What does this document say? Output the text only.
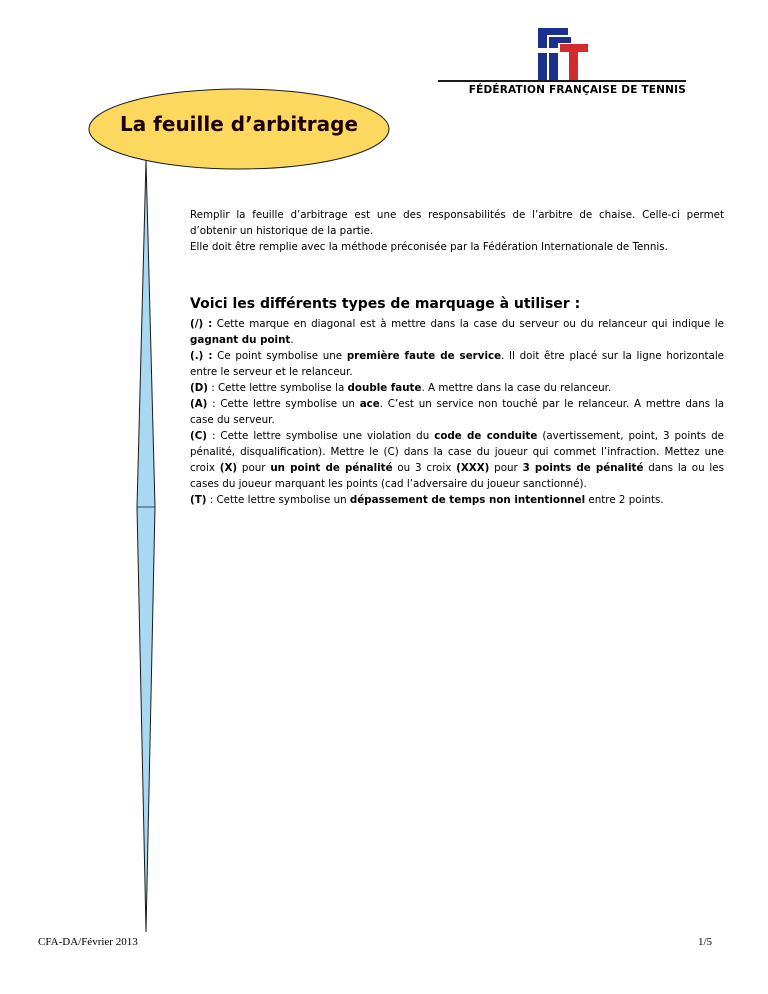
FÉDÉRATION FRANÇAISE DE TENNIS
La feuille d’arbitrage

Remplir la feuille d’arbitrage est une des responsabilités de l’arbitre de chaise. Celle-ci permet d’obtenir un historique de la partie.

Elle doit être remplie avec la méthode préconisée par la Fédération Internationale de Tennis.

Voici les différents types de marquage à utiliser :

(/) : Cette marque en diagonal est à mettre dans la case du serveur ou du relanceur qui indique le gagnant du point.

(.) : Ce point symbolise une première faute de service. Il doit être placé sur la ligne horizontale entre le serveur et le relanceur.

(D) : Cette lettre symbolise la double faute. A mettre dans la case du relanceur.

(A) : Cette lettre symbolise un ace. C’est un service non touché par le relanceur. A mettre dans la case du serveur.

(C) : Cette lettre symbolise une violation du code de conduite (avertissement, point, 3 points de pénalité, disqualification). Mettre le (C) dans la case du joueur qui commet l’infraction. Mettez une croix (X) pour un point de pénalité ou 3 croix (XXX) pour 3 points de pénalité dans la ou les cases du joueur marquant les points (cad l’adversaire du joueur sanctionné).

(T) : Cette lettre symbolise un dépassement de temps non intentionnel entre 2 points.

CFA-DA/Février 2013	1/5
